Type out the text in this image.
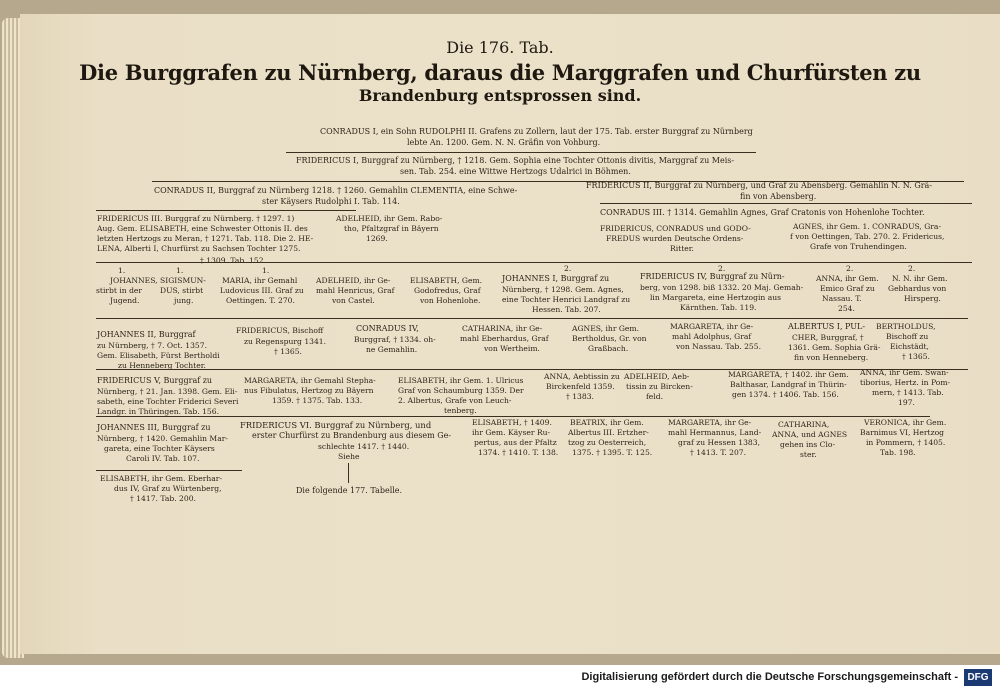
Die 176. Tab.
Die Burggrafen zu Nürnberg, daraus die Marggrafen und Churfürsten zu
Brandenburg entsprossen sind.
CONRADUS I, ein Sohn RUDOLPHI II. Grafens zu Zollern, laut der 175. Tab. erster Burggraf zu Nürnberg
lebte An. 1200. Gem. N. N. Gräfin von Vohburg.
FRIDERICUS I, Burggraf zu Nürnberg, † 1218. Gem. Sophia eine Tochter Ottonis divitis, Marggraf zu Meis-
sen. Tab. 254. eine Wittwe Hertzogs Udalrici in Böhmen.
CONRADUS II, Burggraf zu Nürnberg 1218. † 1260. Gemahlin CLEMENTIA, eine Schwe-
ster Käysers Rudolphi I. Tab. 114.
FRIDERICUS II, Burggraf zu Nürnberg, und Graf zu Abensberg. Gemahlin N. N. Grä-
fin von Abensberg.
FRIDERICUS III. Burggraf zu Nürnberg. † 1297. 1)
Aug. Gem. ELISABETH, eine Schwester Ottonis II. des
letzten Hertzogs zu Meran, † 1271. Tab. 118. Die 2. HE-
LENA, Alberti I, Churfürst zu Sachsen Tochter 1275.
† 1309. Tab. 152.
ADELHEID, ihr Gem. Rabo-
tho, Pfaltzgraf in Bäyern
1269.
CONRADUS III. † 1314. Gemahlin Agnes, Graf Cratonis von Hohenlohe Tochter.
FRIDERICUS, CONRADUS und GODO-
FREDUS wurden Deutsche Ordens-
Ritter.
AGNES, ihr Gem. 1. CONRADUS, Gra-
f von Oettingen, Tab. 270. 2. Fridericus,
Grafe von Truhendingen.
1.
JOHANNES,
stirbt in der
Jugend.
1.
SIGISMUN-
DUS, stirbt
jung.
1.
MARIA, ihr Gemahl
Ludovicus III. Graf zu
Oettingen. T. 270.
ADELHEID, ihr Ge-
mahl Henricus, Graf
von Castel.
ELISABETH, Gem.
Godofredus, Graf
von Hohenlohe.
2.
JOHANNES I, Burggraf zu
Nürnberg, † 1298. Gem. Agnes,
eine Tochter Henrici Landgraf zu
Hessen. Tab. 207.
2.
FRIDERICUS IV, Burggraf zu Nürn-
berg, von 1298. biß 1332. 20 Maj. Gemah-
lin Margareta, eine Hertzogin aus
Kärnthen. Tab. 119.
2.
ANNA, ihr Gem.
Emico Graf zu
Nassau. T.
254.
2.
N. N. ihr Gem.
Gebhardus von
Hirsperg.
JOHANNES II, Burggraf
zu Nürnberg, † 7. Oct. 1357.
Gem. Elisabeth, Fürst Bertholdi
zu Henneberg Tochter.
FRIDERICUS, Bischoff
zu Regenspurg 1341.
† 1365.
CONRADUS IV,
Burggraf, † 1334. oh-
ne Gemahlin.
CATHARINA, ihr Ge-
mahl Eberhardus, Graf
von Wertheim.
AGNES, ihr Gem.
Bertholdus, Gr. von
Graßbach.
MARGARETA, ihr Ge-
mahl Adolphus, Graf
von Nassau. Tab. 255.
ALBERTUS I, PUL-
CHER, Burggraf, †
1361. Gem. Sophia Grä-
fin von Henneberg.
BERTHOLDUS,
Bischoff zu
Eichstädt,
† 1365.
FRIDERICUS V, Burggraf zu
Nürnberg, † 21. Jan. 1398. Gem. Eli-
sabeth, eine Tochter Friderici Severi
Landgr. in Thüringen. Tab. 156.
MARGARETA, ihr Gemahl Stepha-
nus Fibulatus, Hertzog zu Bäyern
1359. † 1375. Tab. 133.
ELISABETH, ihr Gem. 1. Ulricus
Graf von Schaumburg 1359. Der
2. Albertus, Grafe von Leuch-
tenberg.
ANNA, Aebtissin zu
Birckenfeld 1359.
† 1383.
ADELHEID, Aeb-
tissin zu Bircken-
feld.
MARGARETA, † 1402. ihr Gem.
Balthasar, Landgraf in Thürin-
gen 1374. † 1406. Tab. 156.
ANNA, ihr Gem. Swan-
tiborius, Hertz. in Pom-
mern, † 1413. Tab.
197.
JOHANNES III, Burggraf zu
Nürnberg, † 1420. Gemahlin Mar-
gareta, eine Tochter Käysers
Caroli IV. Tab. 107.
FRIDERICUS VI. Burggraf zu Nürnberg, und
erster Churfürst zu Brandenburg aus diesem Ge-
schlechte 1417. † 1440.
Siehe
Die folgende 177. Tabelle.
ELISABETH, † 1409.
ihr Gem. Käyser Ru-
pertus, aus der Pfaltz
1374. † 1410. T. 138.
BEATRIX, ihr Gem.
Albertus III. Ertzher-
tzog zu Oesterreich,
1375. † 1395. T. 125.
MARGARETA, ihr Ge-
mahl Hermannus, Land-
graf zu Hessen 1383,
† 1413. T. 207.
CATHARINA,
ANNA, und AGNES
gehen ins Clo-
ster.
VERONICA, ihr Gem.
Barnimus VI, Hertzog
in Pommern, † 1405.
Tab. 198.
ELISABETH, ihr Gem. Eberhar-
dus IV, Graf zu Würtenberg,
† 1417. Tab. 200.
Digitalisierung gefördert durch die Deutsche Forschungsgemeinschaft - DFG
